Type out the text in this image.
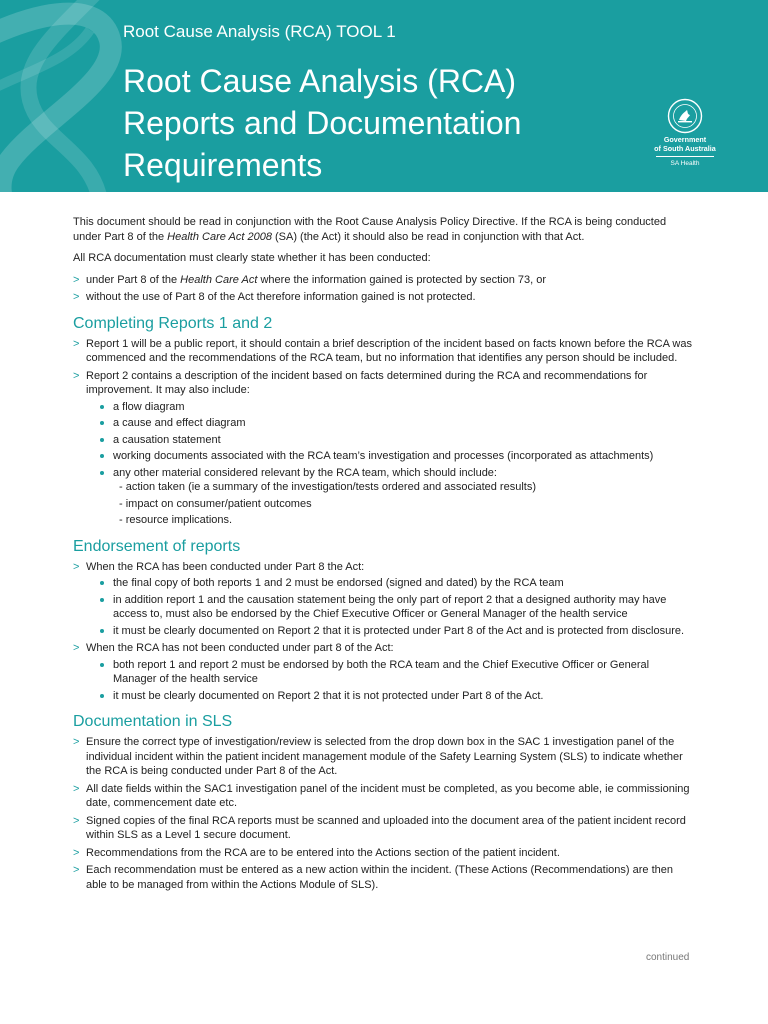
Root Cause Analysis (RCA) TOOL 1
Root Cause Analysis (RCA)
Reports and Documentation
Requirements
Government
of South Australia
SA Health

This document should be read in conjunction with the Root Cause Analysis Policy Directive. If the RCA is being conducted under Part 8 of the Health Care Act 2008 (SA) (the Act) it should also be read in conjunction with that Act.

All RCA documentation must clearly state whether it has been conducted:

> under Part 8 of the Health Care Act where the information gained is protected by section 73, or
> without the use of Part 8 of the Act therefore information gained is not protected.
Completing Reports 1 and 2
> Report 1 will be a public report, it should contain a brief description of the incident based on facts known before the RCA was commenced and the recommendations of the RCA team, but no information that identifies any person should be included.
> Report 2 contains a description of the incident based on facts determined during the RCA and recommendations for improvement. It may also include:
a flow diagram
a cause and effect diagram
a causation statement
working documents associated with the RCA team’s investigation and processes (incorporated as attachments)
any other material considered relevant by the RCA team, which should include:
- action taken (ie a summary of the investigation/tests ordered and associated results)
- impact on consumer/patient outcomes
- resource implications.
Endorsement of reports
> When the RCA has been conducted under Part 8 the Act:
the final copy of both reports 1 and 2 must be endorsed (signed and dated) by the RCA team
in addition report 1 and the causation statement being the only part of report 2 that a designed authority may have access to, must also be endorsed by the Chief Executive Officer or General Manager of the health service
it must be clearly documented on Report 2 that it is protected under Part 8 of the Act and is protected from disclosure.
> When the RCA has not been conducted under part 8 of the Act:
both report 1 and report 2 must be endorsed by both the RCA team and the Chief Executive Officer or General Manager of the health service
it must be clearly documented on Report 2 that it is not protected under Part 8 of the Act.
Documentation in SLS
> Ensure the correct type of investigation/review is selected from the drop down box in the SAC 1 investigation panel of the individual incident within the patient incident management module of the Safety Learning System (SLS) to indicate whether the RCA is being conducted under Part 8 of the Act.
> All date fields within the SAC1 investigation panel of the incident must be completed, as you become able, ie commissioning date, commencement date etc.
> Signed copies of the final RCA reports must be scanned and uploaded into the document area of the patient incident record within SLS as a Level 1 secure document.
> Recommendations from the RCA are to be entered into the Actions section of the patient incident.
> Each recommendation must be entered as a new action within the incident. (These Actions (Recommendations) are then able to be managed from within the Actions Module of SLS).
continued
